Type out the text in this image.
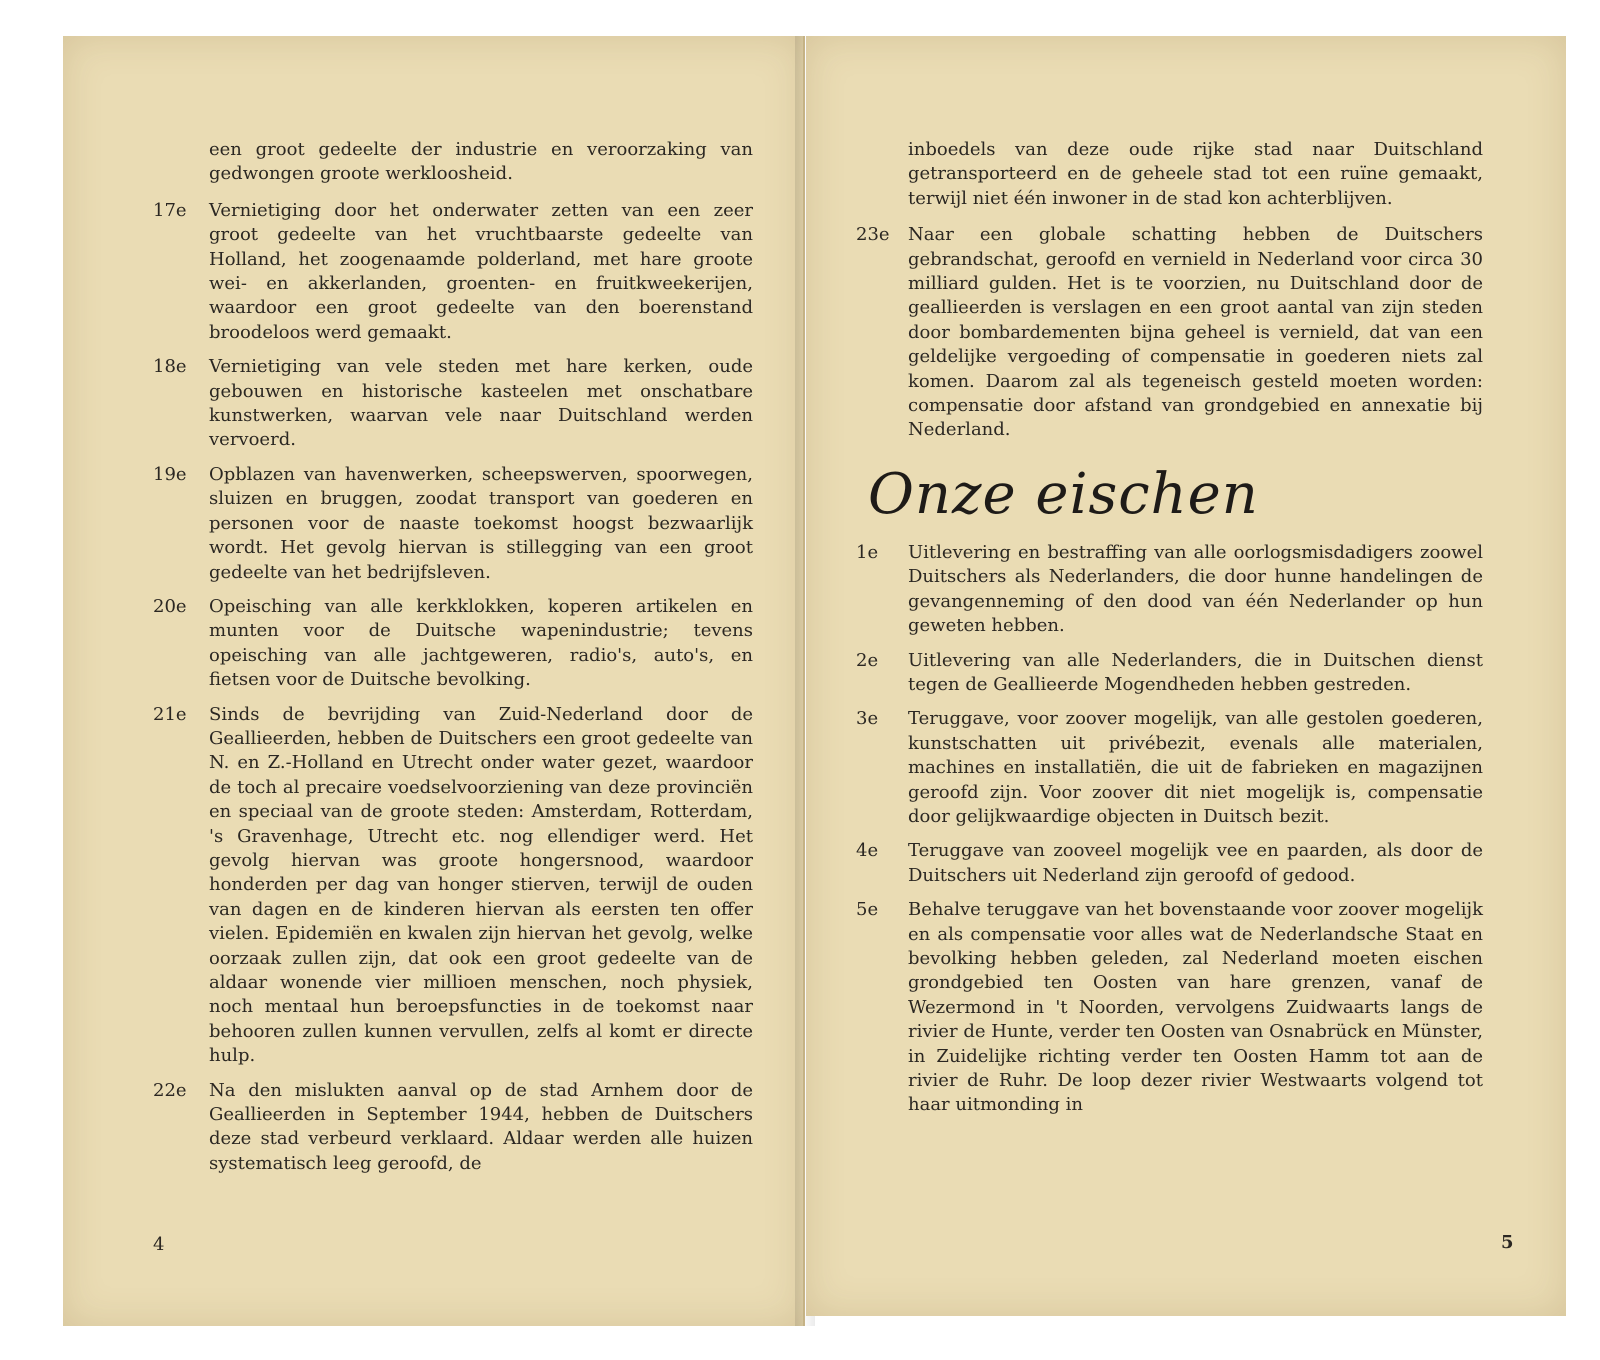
een groot gedeelte der industrie en veroorzaking van gedwongen groote werkloosheid.
17e	Vernietiging door het onderwater zetten van een zeer groot gedeelte van het vruchtbaarste gedeelte van Holland, het zoogenaamde polderland, met hare groote wei- en akkerlanden, groenten- en fruitkweekerijen, waardoor een groot gedeelte van den boerenstand broodeloos werd gemaakt.
18e	Vernietiging van vele steden met hare kerken, oude gebouwen en historische kasteelen met onschatbare kunstwerken, waarvan vele naar Duitschland werden vervoerd.
19e	Opblazen van havenwerken, scheepswerven, spoorwegen, sluizen en bruggen, zoodat transport van goederen en personen voor de naaste toekomst hoogst bezwaarlijk wordt. Het gevolg hiervan is stillegging van een groot gedeelte van het bedrijfsleven.
20e	Opeisching van alle kerkklokken, koperen artikelen en munten voor de Duitsche wapenindustrie; tevens opeisching van alle jachtgeweren, radio's, auto's, en fietsen voor de Duitsche bevolking.
21e	Sinds de bevrijding van Zuid-Nederland door de Geallieerden, hebben de Duitschers een groot gedeelte van N. en Z.-Holland en Utrecht onder water gezet, waardoor de toch al precaire voedselvoorziening van deze provinciën en speciaal van de groote steden: Amsterdam, Rotterdam, 's Gravenhage, Utrecht etc. nog ellendiger werd. Het gevolg hiervan was groote hongersnood, waardoor honderden per dag van honger stierven, terwijl de ouden van dagen en de kinderen hiervan als eersten ten offer vielen. Epidemiën en kwalen zijn hiervan het gevolg, welke oorzaak zullen zijn, dat ook een groot gedeelte van de aldaar wonende vier millioen menschen, noch physiek, noch mentaal hun beroepsfuncties in de toekomst naar behooren zullen kunnen vervullen, zelfs al komt er directe hulp.
22e	Na den mislukten aanval op de stad Arnhem door de Geallieerden in September 1944, hebben de Duitschers deze stad verbeurd verklaard. Aldaar werden alle huizen systematisch leeg geroofd, de
4
inboedels van deze oude rijke stad naar Duitschland getransporteerd en de geheele stad tot een ruïne gemaakt, terwijl niet één inwoner in de stad kon achterblijven.
23e	Naar een globale schatting hebben de Duitschers gebrandschat, geroofd en vernield in Nederland voor circa 30 milliard gulden. Het is te voorzien, nu Duitschland door de geallieerden is verslagen en een groot aantal van zijn steden door bombardementen bijna geheel is vernield, dat van een geldelijke vergoeding of compensatie in goederen niets zal komen. Daarom zal als tegeneisch gesteld moeten worden: compensatie door afstand van grondgebied en annexatie bij Nederland.
Onze eischen
1e	Uitlevering en bestraffing van alle oorlogsmisdadigers zoowel Duitschers als Nederlanders, die door hunne handelingen de gevangenneming of den dood van één Nederlander op hun geweten hebben.
2e	Uitlevering van alle Nederlanders, die in Duitschen dienst tegen de Geallieerde Mogendheden hebben gestreden.
3e	Teruggave, voor zoover mogelijk, van alle gestolen goederen, kunstschatten uit privébezit, evenals alle materialen, machines en installatiën, die uit de fabrieken en magazijnen geroofd zijn. Voor zoover dit niet mogelijk is, compensatie door gelijkwaardige objecten in Duitsch bezit.
4e	Teruggave van zooveel mogelijk vee en paarden, als door de Duitschers uit Nederland zijn geroofd of gedood.
5e	Behalve teruggave van het bovenstaande voor zoover mogelijk en als compensatie voor alles wat de Nederlandsche Staat en bevolking hebben geleden, zal Nederland moeten eischen grondgebied ten Oosten van hare grenzen, vanaf de Wezermond in 't Noorden, vervolgens Zuidwaarts langs de rivier de Hunte, verder ten Oosten van Osnabrück en Münster, in Zuidelijke richting verder ten Oosten Hamm tot aan de rivier de Ruhr. De loop dezer rivier Westwaarts volgend tot haar uitmonding in
5
